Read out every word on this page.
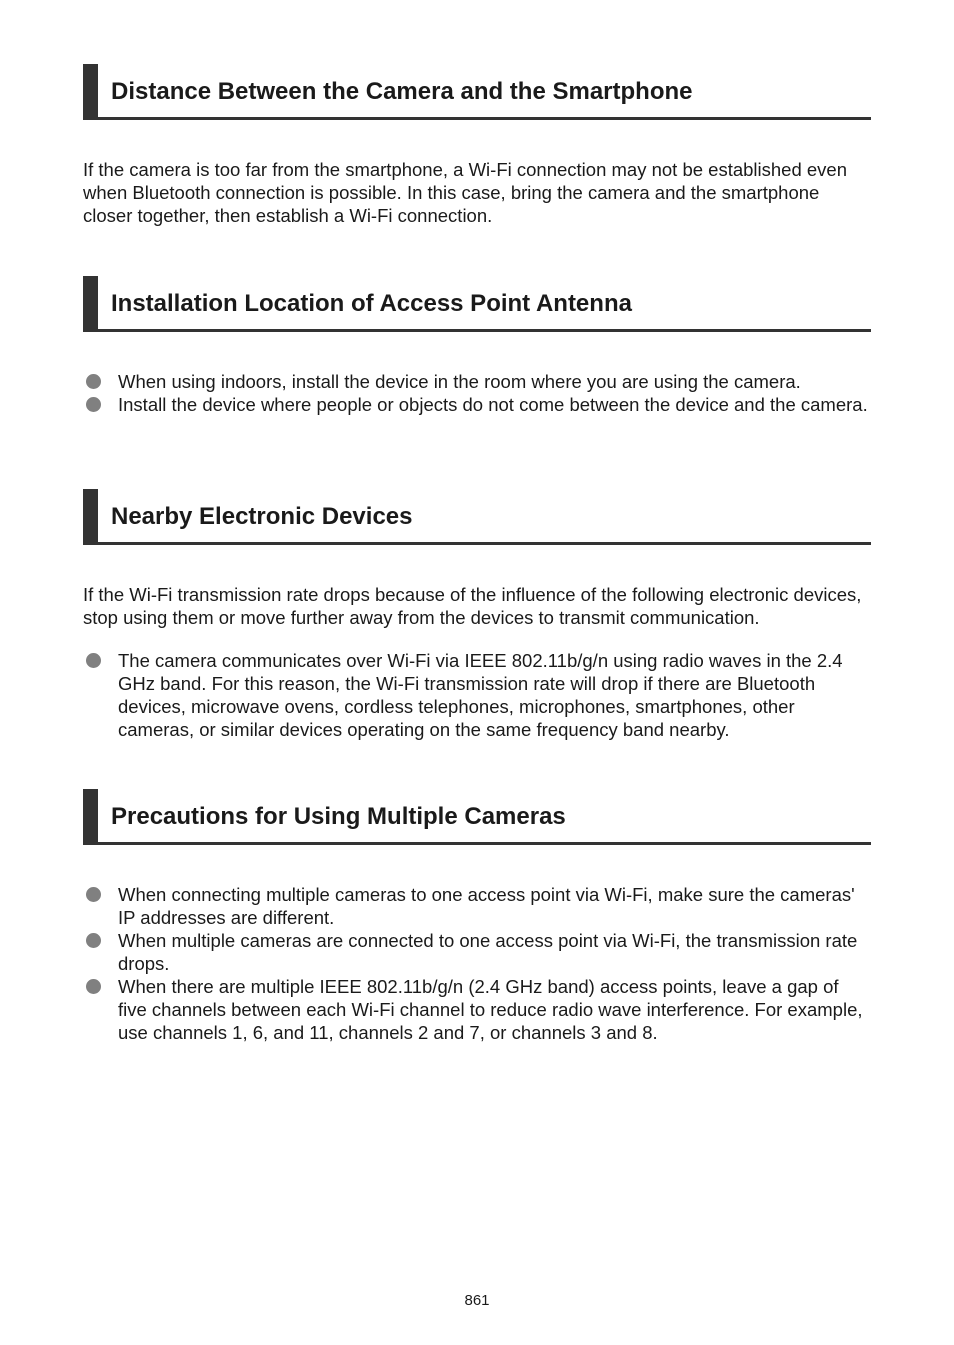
Distance Between the Camera and the Smartphone

If the camera is too far from the smartphone, a Wi-Fi connection may not be established even when Bluetooth connection is possible. In this case, bring the camera and the smartphone closer together, then establish a Wi-Fi connection.

Installation Location of Access Point Antenna
When using indoors, install the device in the room where you are using the camera.
Install the device where people or objects do not come between the device and the camera.
Nearby Electronic Devices

If the Wi-Fi transmission rate drops because of the influence of the following electronic devices, stop using them or move further away from the devices to transmit communication.

The camera communicates over Wi-Fi via IEEE 802.11b/g/n using radio waves in the 2.4 GHz band. For this reason, the Wi-Fi transmission rate will drop if there are Bluetooth devices, microwave ovens, cordless telephones, microphones, smartphones, other cameras, or similar devices operating on the same frequency band nearby.
Precautions for Using Multiple Cameras
When connecting multiple cameras to one access point via Wi-Fi, make sure the cameras' IP addresses are different.
When multiple cameras are connected to one access point via Wi-Fi, the transmission rate drops.
When there are multiple IEEE 802.11b/g/n (2.4 GHz band) access points, leave a gap of five channels between each Wi-Fi channel to reduce radio wave interference. For example, use channels 1, 6, and 11, channels 2 and 7, or channels 3 and 8.
861
